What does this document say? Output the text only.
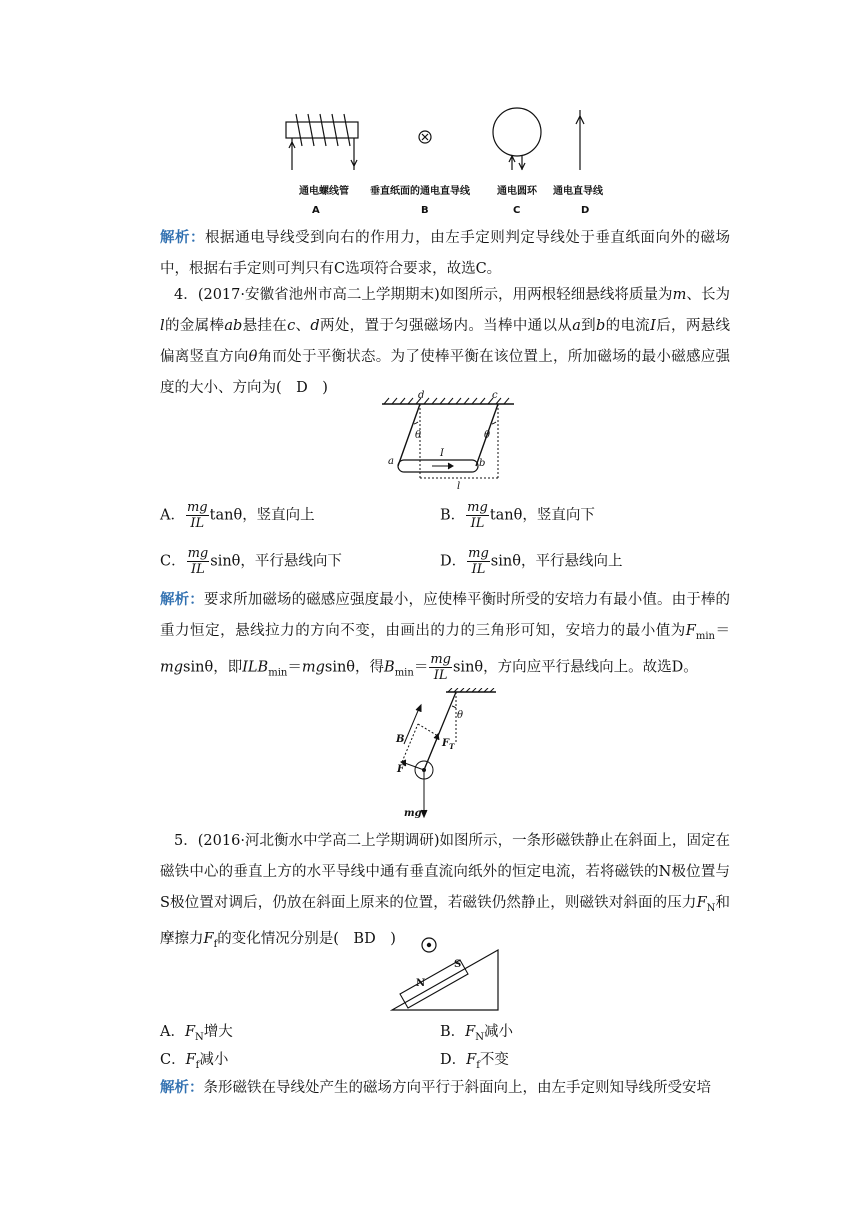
通电螺线管 垂直纸面的通电直导线	通电圆环 通电直导线
A	B	C	D
解析：根据通电导线受到向右的作用力，由左手定则判定导线处于垂直纸面向外的磁场中，根据右手定则可判只有C选项符合要求，故选C。
4．(2017·安徽省池州市高二上学期期末)如图所示，用两根轻细悬线将质量为m、长为l的金属棒ab悬挂在c、d两处，置于匀强磁场内。当棒中通以从a到b的电流I后，两悬线偏离竖直方向θ角而处于平衡状态。为了使棒平衡在该位置上，所加磁场的最小磁感应强度的大小、方向为(　D　)	d	c
θ	θ
a	b
I
l
A． $\frac{mg}{IL}$ tanθ，竖直向上	B． $\frac{mg}{IL}$ tanθ，竖直向下
C． $\frac{mg}{IL}$ sinθ，平行悬线向下	D． $\frac{mg}{IL}$ sinθ，平行悬线向上
解析：要求所加磁场的磁感应强度最小，应使棒平衡时所受的安培力有最小值。由于棒的重力恒定，悬线拉力的方向不变，由画出的力的三角形可知，安培力的最小值为$F_{min}=mgsin\theta$，即$ILB_{min}=mgsin\theta$，得$B_{min}= \frac{mg}{IL}$ sinθ，方向应平行悬线向上。故选D。
θ
B	$F_T$
F
mg
5．(2016·河北衡水中学高二上学期调研)如图所示，一条形磁铁静止在斜面上，固定在磁铁中心的垂直上方的水平导线中通有垂直流向纸外的恒定电流，若将磁铁的N极位置与S极位置对调后，仍放在斜面上原来的位置，若磁铁仍然静止，则磁铁对斜面的压力$F_N$和摩擦力$F_f$的变化情况分别是(　BD　)
N
S
A．$F_N$增大	B．$F_N$减小
C．$F_f$减小	D．$F_f$不变
解析：条形磁铁在导线处产生的磁场方向平行于斜面向上，由左手定则知导线所受安培
